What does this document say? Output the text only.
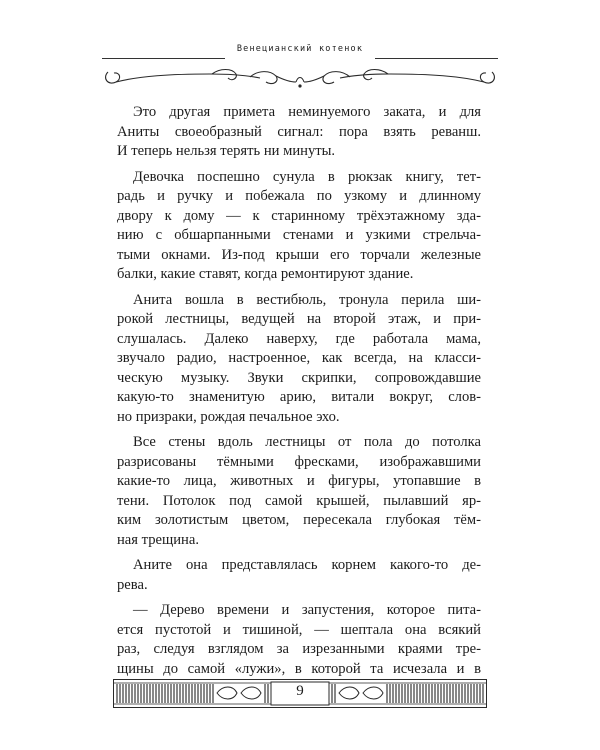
Венецианский котенок

Это другая примета неминуемого заката, и для
Аниты своеобразный сигнал: пора взять реванш.
И теперь нельзя терять ни минуты.

Девочка поспешно сунула в рюкзак книгу, тет-
радь и ручку и побежала по узкому и длинному
двору к дому — к старинному трёхэтажному зда-
нию с обшарпанными стенами и узкими стрельча-
тыми окнами. Из-под крыши его торчали железные
балки, какие ставят, когда ремонтируют здание.

Анита вошла в вестибюль, тронула перила ши-
рокой лестницы, ведущей на второй этаж, и при-
слушалась. Далеко наверху, где работала мама,
звучало радио, настроенное, как всегда, на класси-
ческую музыку. Звуки скрипки, сопровождавшие
какую-то знаменитую арию, витали вокруг, слов-
но призраки, рождая печальное эхо.

Все стены вдоль лестницы от пола до потолка
разрисованы тёмными фресками, изображавшими
какие-то лица, животных и фигуры, утопавшие в
тени. Потолок под самой крышей, пылавший яр-
ким золотистым цветом, пересекала глубокая тём-
ная трещина.

Аните она представлялась корнем какого-то де-
рева.

— Дерево времени и запустения, которое пита-
ется пустотой и тишиной, — шептала она всякий
раз, следуя взглядом за изрезанными краями тре-
щины до самой «лужи», в которой та исчезала и в

9
